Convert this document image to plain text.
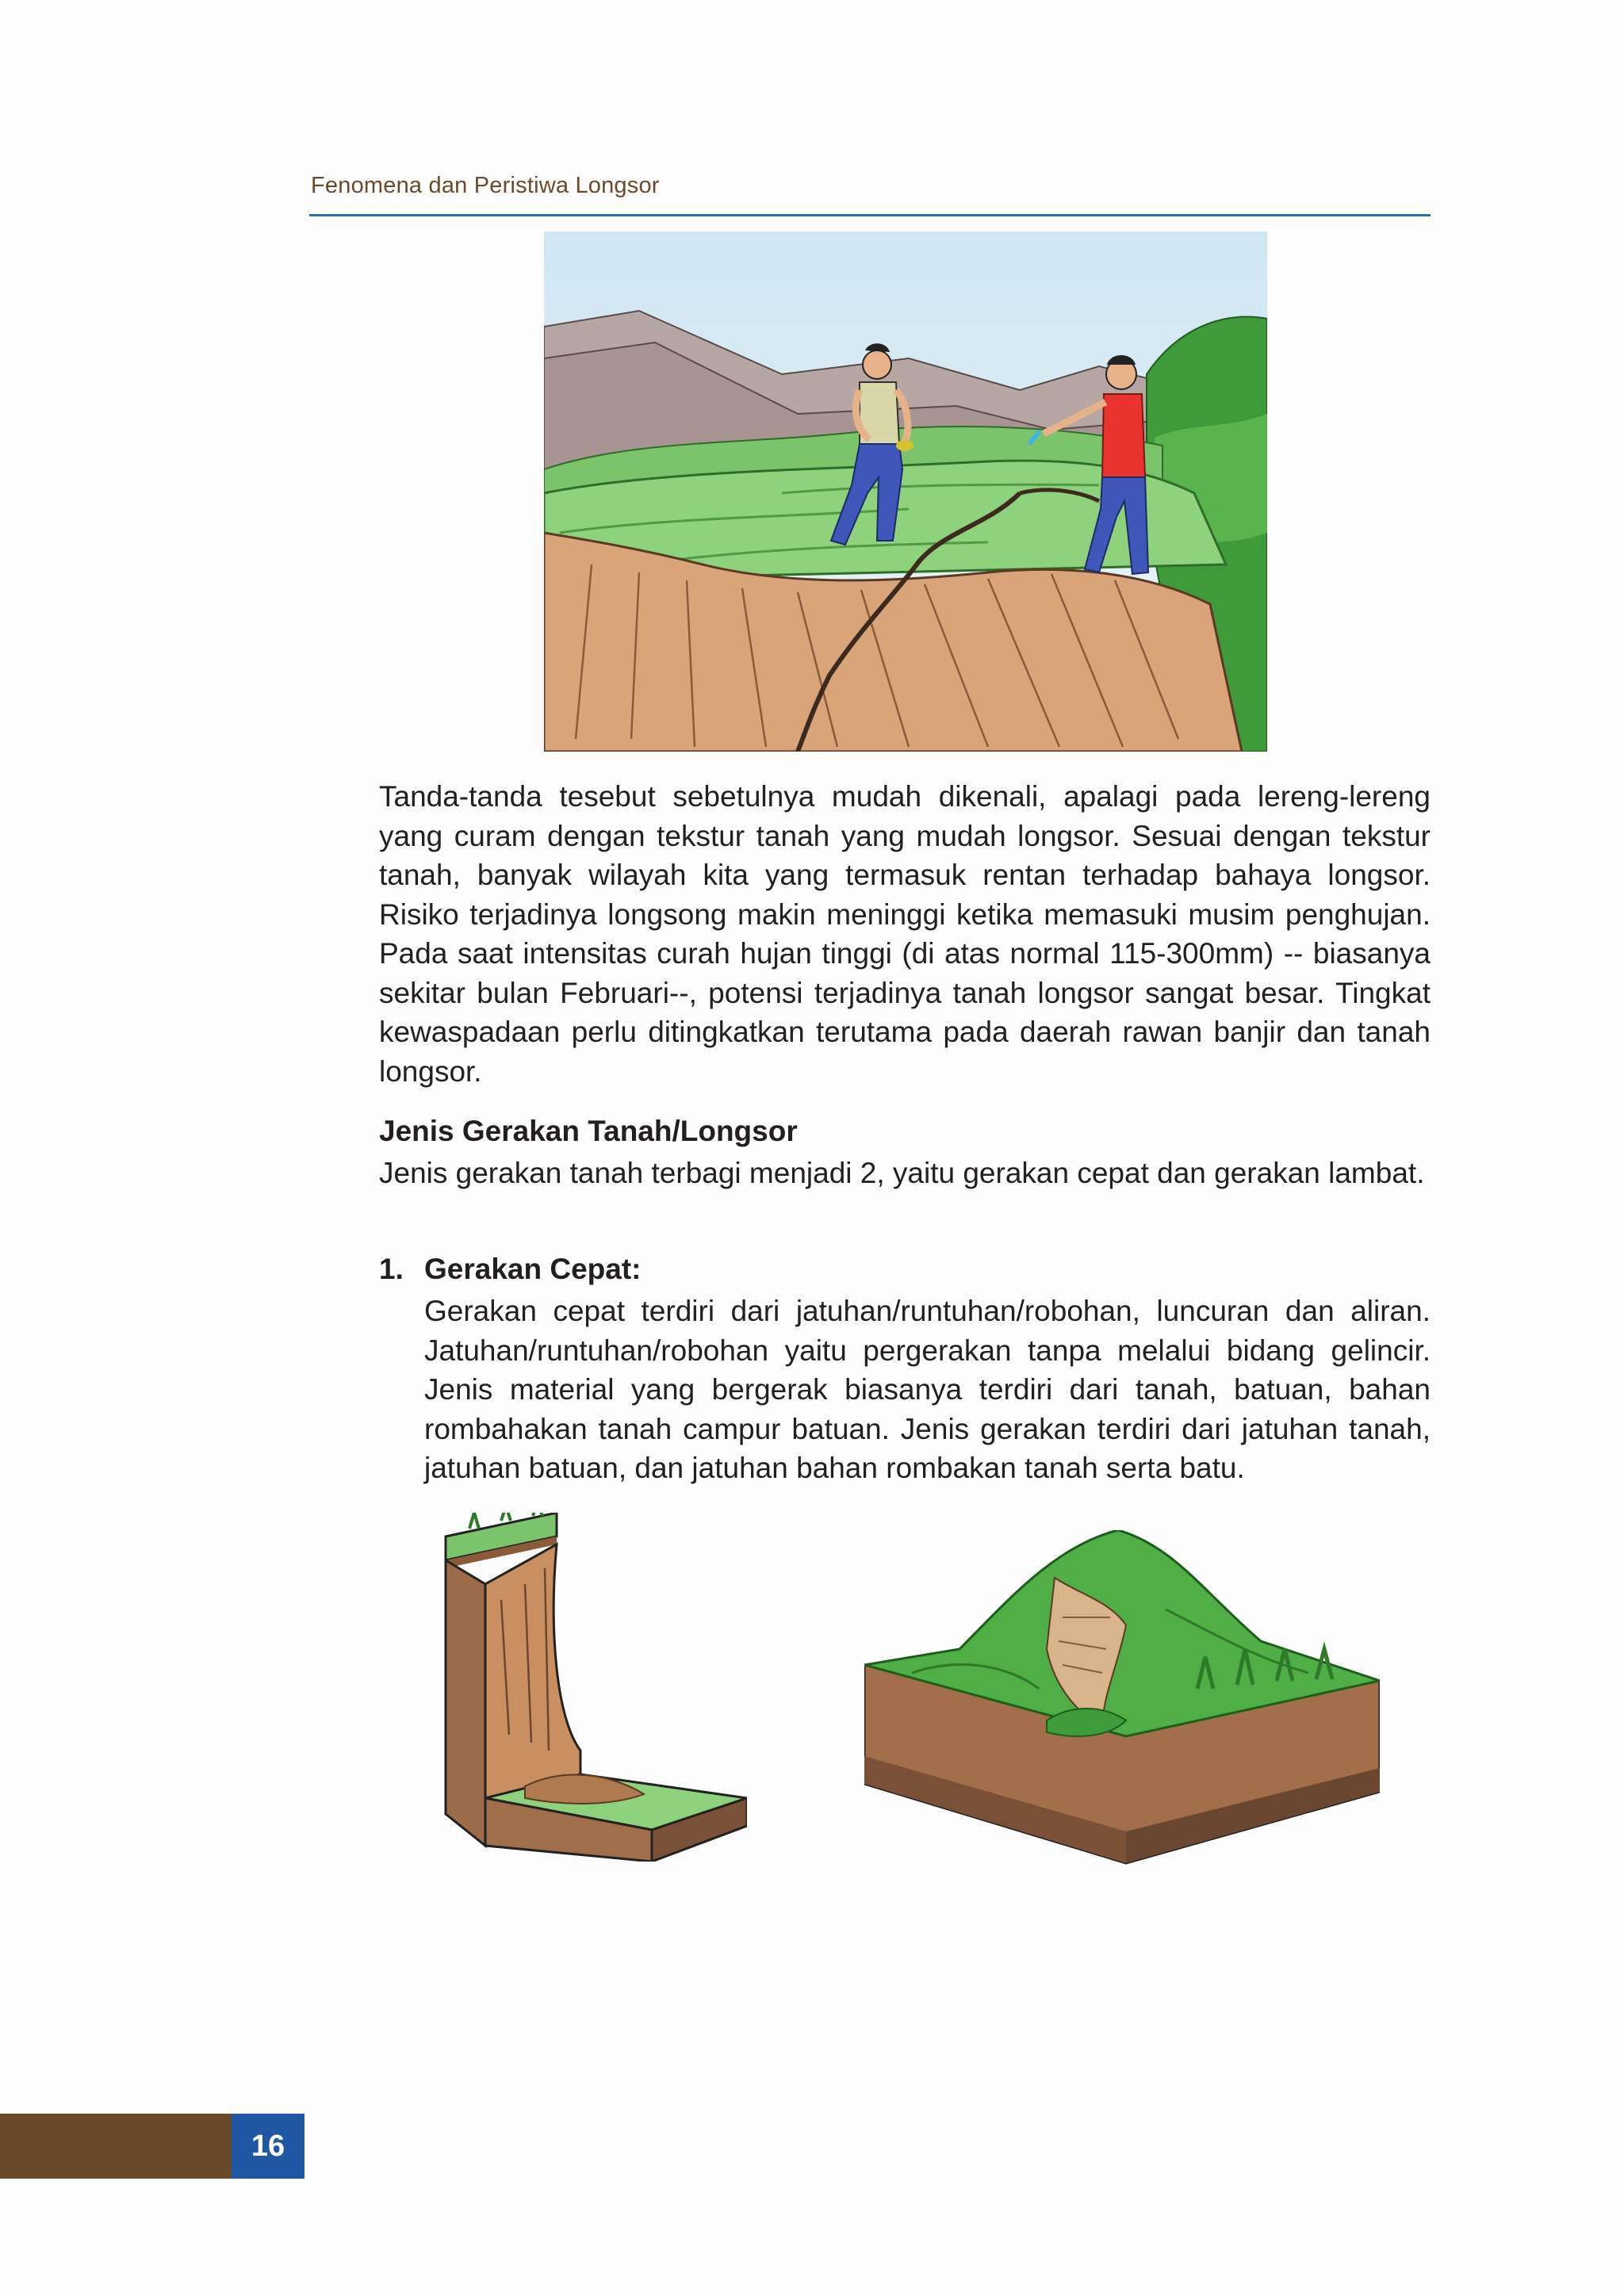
Fenomena dan Peristiwa Longsor
Tanda-tanda tesebut sebetulnya mudah dikenali, apalagi pada lereng-lereng yang curam dengan tekstur tanah yang mudah longsor. Sesuai dengan tekstur tanah, banyak wilayah kita yang termasuk rentan terhadap bahaya longsor. Risiko terjadinya longsong makin meninggi ketika memasuki musim penghujan. Pada saat intensitas curah hujan tinggi (di atas normal 115-300mm) -- biasanya sekitar bulan Februari--, potensi terjadinya tanah longsor sangat besar. Tingkat kewaspadaan perlu ditingkatkan terutama pada daerah rawan banjir dan tanah longsor.
Jenis Gerakan Tanah/Longsor
Jenis gerakan tanah terbagi menjadi 2, yaitu gerakan cepat dan gerakan lambat.
1. Gerakan Cepat:
Gerakan cepat terdiri dari jatuhan/runtuhan/robohan, luncuran dan aliran. Jatuhan/runtuhan/robohan yaitu pergerakan tanpa melalui bidang gelincir. Jenis material yang bergerak biasanya terdiri dari tanah, batuan, bahan rombahakan tanah campur batuan. Jenis gerakan terdiri dari jatuhan tanah, jatuhan batuan, dan jatuhan bahan rombakan tanah serta batu.
16
